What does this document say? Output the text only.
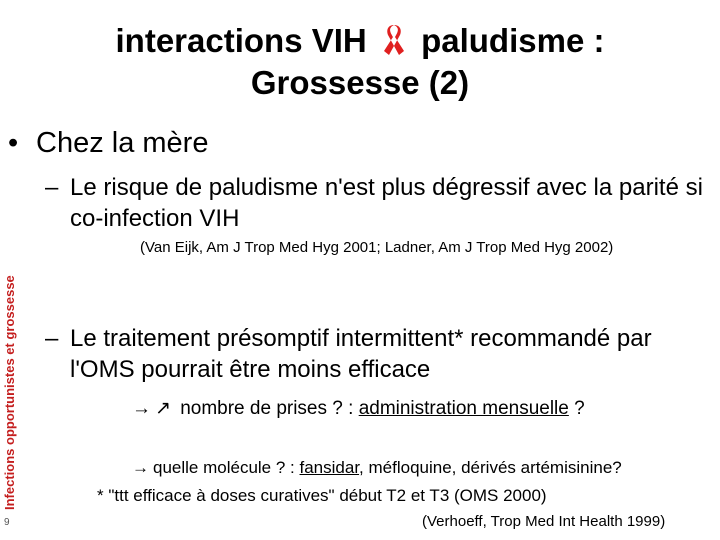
interactions VIH paludisme :
Grossesse (2)
Infections opportunistes et grossesse
9
• Chez la mère
– Le risque de paludisme n'est plus dégressif avec la parité si co-infection VIH
(Van Eijk, Am J Trop Med Hyg 2001; Ladner, Am J Trop Med Hyg 2002)
– Le traitement présomptif intermittent* recommandé par l'OMS pourrait être moins efficace
→ ↗ nombre de prises ? : administration mensuelle ?
→ quelle molécule ? : fansidar, méfloquine, dérivés artémisinine?
* "ttt efficace à doses curatives" début T2 et T3 (OMS 2000)
(Verhoeff, Trop Med Int Health 1999)
